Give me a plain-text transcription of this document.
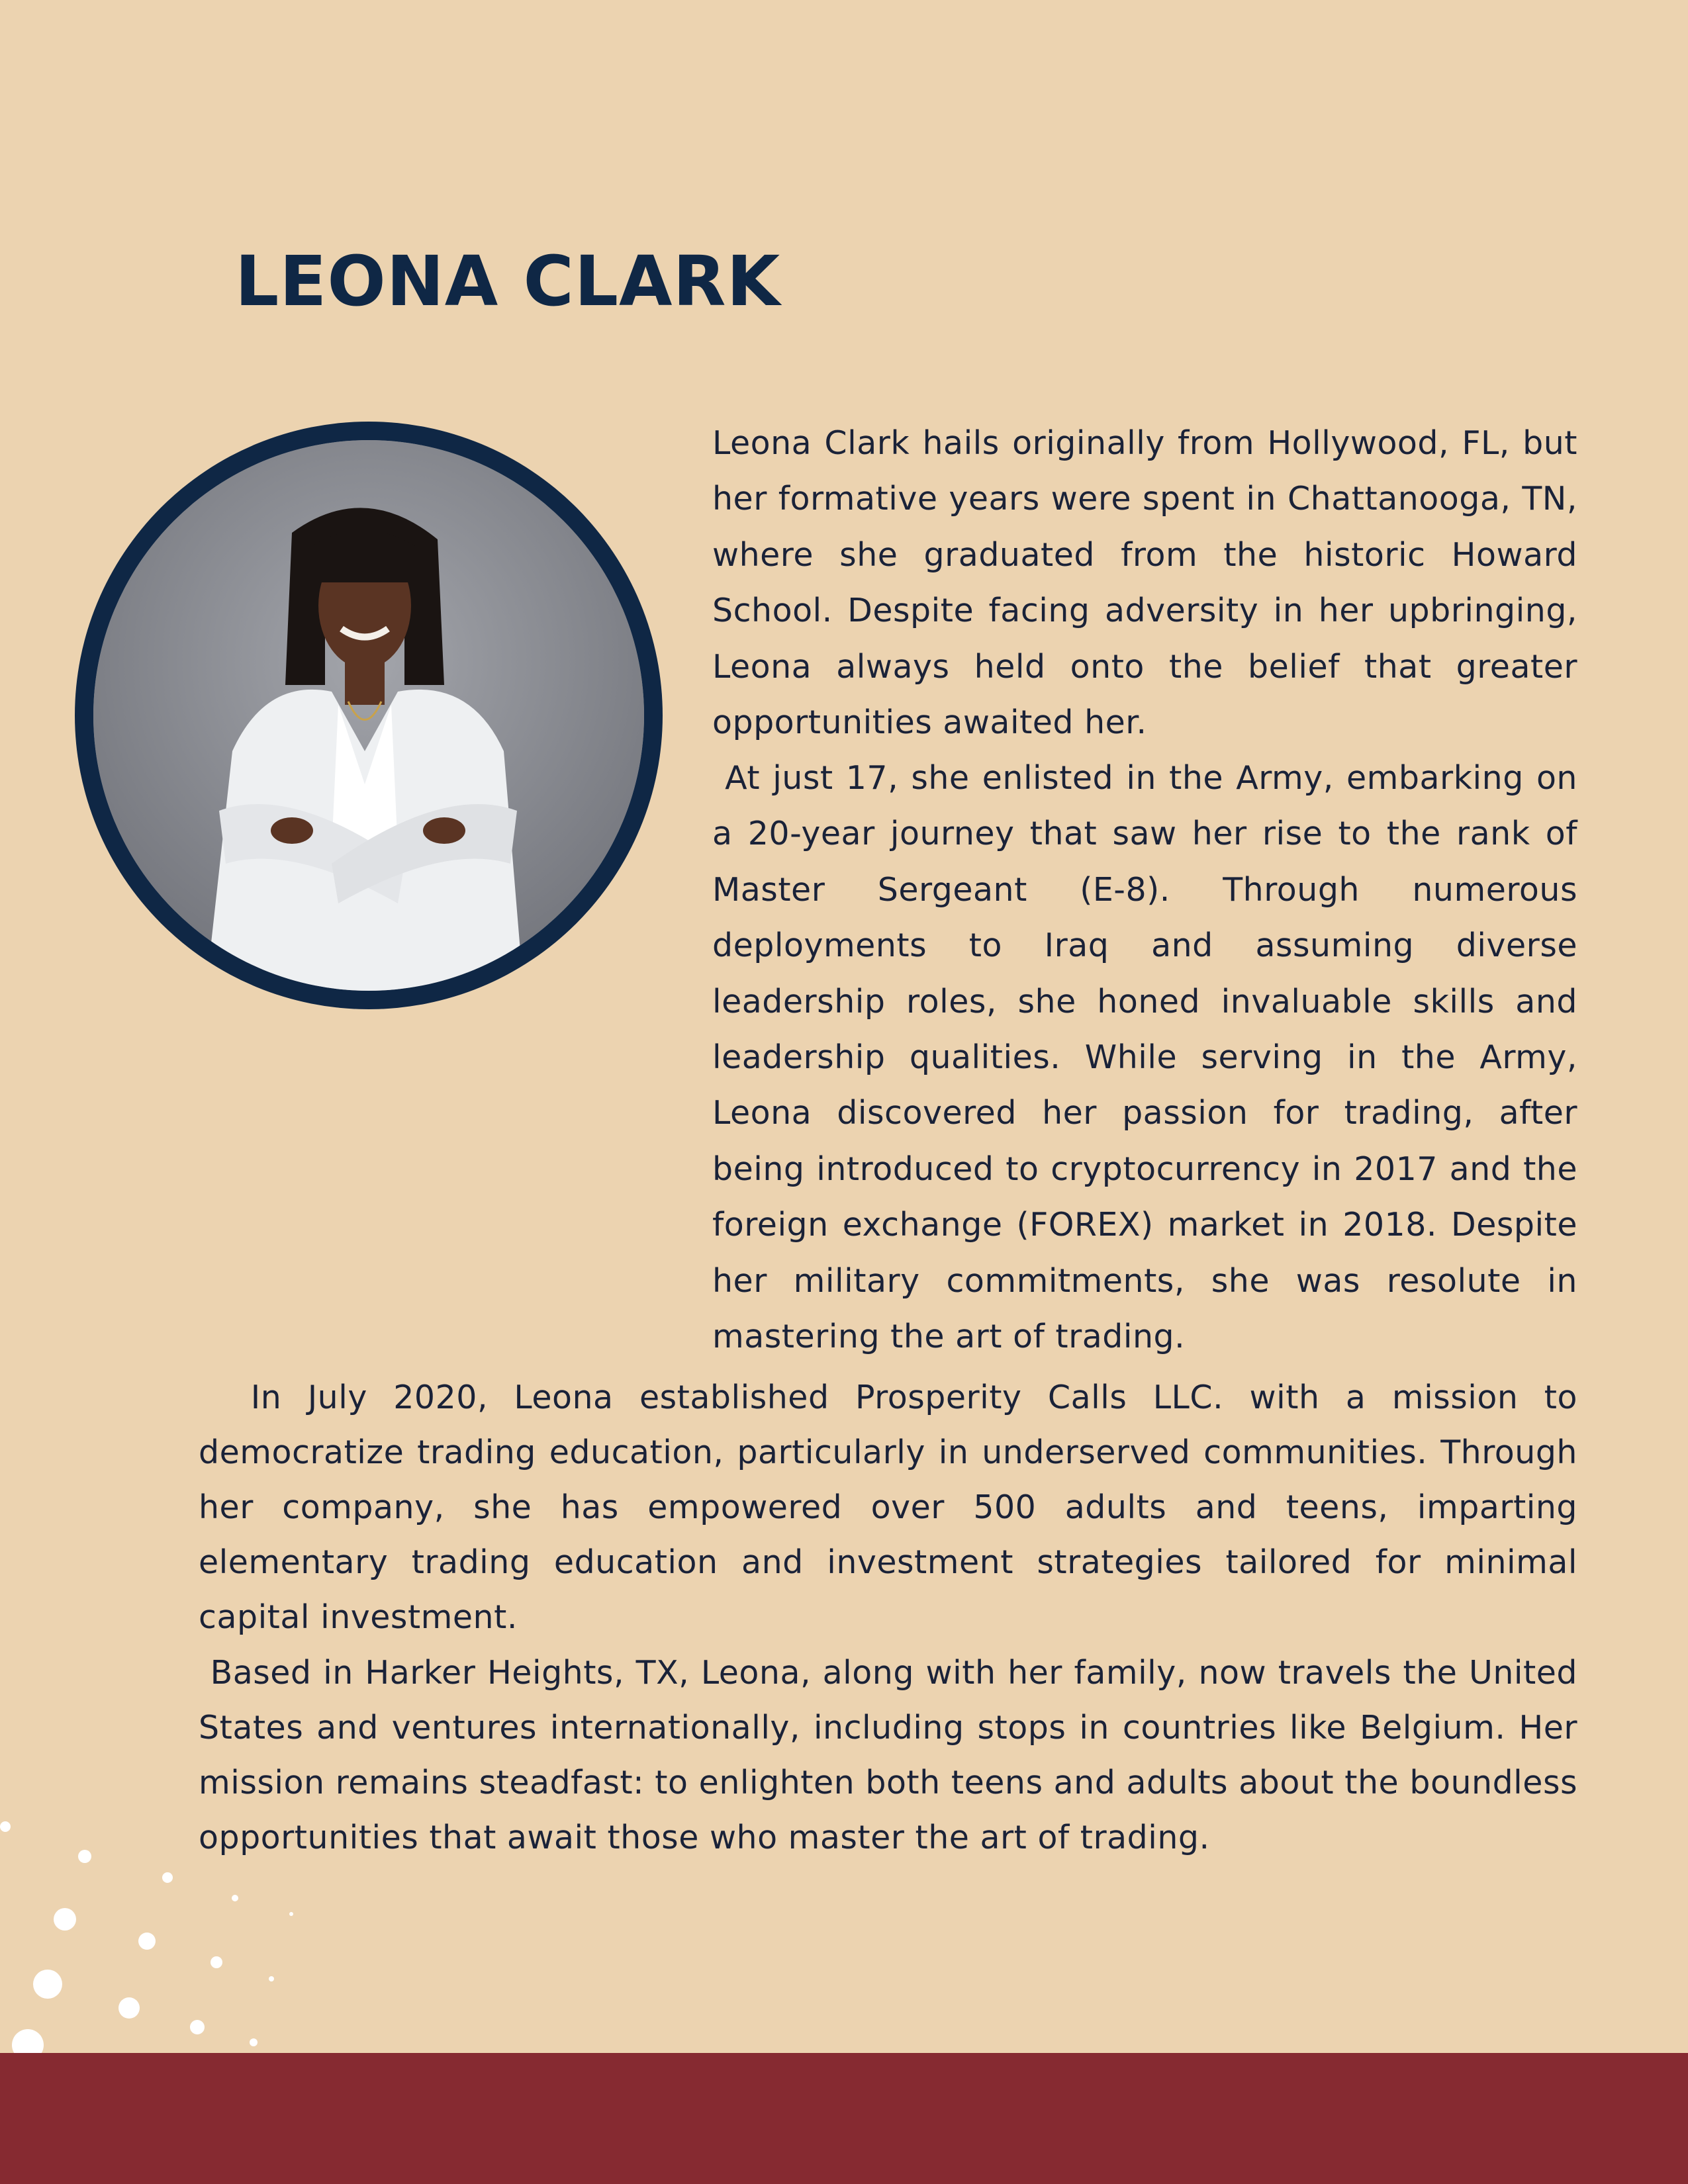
LEONA CLARK

Leona Clark hails originally from Hollywood, FL, but her formative years were spent in Chattanooga, TN, where she graduated from the historic Howard School. Despite facing adversity in her upbringing, Leona always held onto the belief that greater opportunities awaited her.

At just 17, she enlisted in the Army, embarking on a 20-year journey that saw her rise to the rank of Master Sergeant (E-8). Through numerous deployments to Iraq and assuming diverse leadership roles, she honed invaluable skills and leadership qualities. While serving in the Army, Leona discovered her passion for trading, after being introduced to cryptocurrency in 2017 and the foreign exchange (FOREX) market in 2018. Despite her military commitments, she was resolute in mastering the art of trading.

In July 2020, Leona established Prosperity Calls LLC. with a mission to democratize trading education, particularly in underserved communities. Through her company, she has empowered over 500 adults and teens, imparting elementary trading education and investment strategies tailored for minimal capital investment.

Based in Harker Heights, TX, Leona, along with her family, now travels the United States and ventures internationally, including stops in countries like Belgium. Her mission remains steadfast: to enlighten both teens and adults about the boundless opportunities that await those who master the art of trading.
